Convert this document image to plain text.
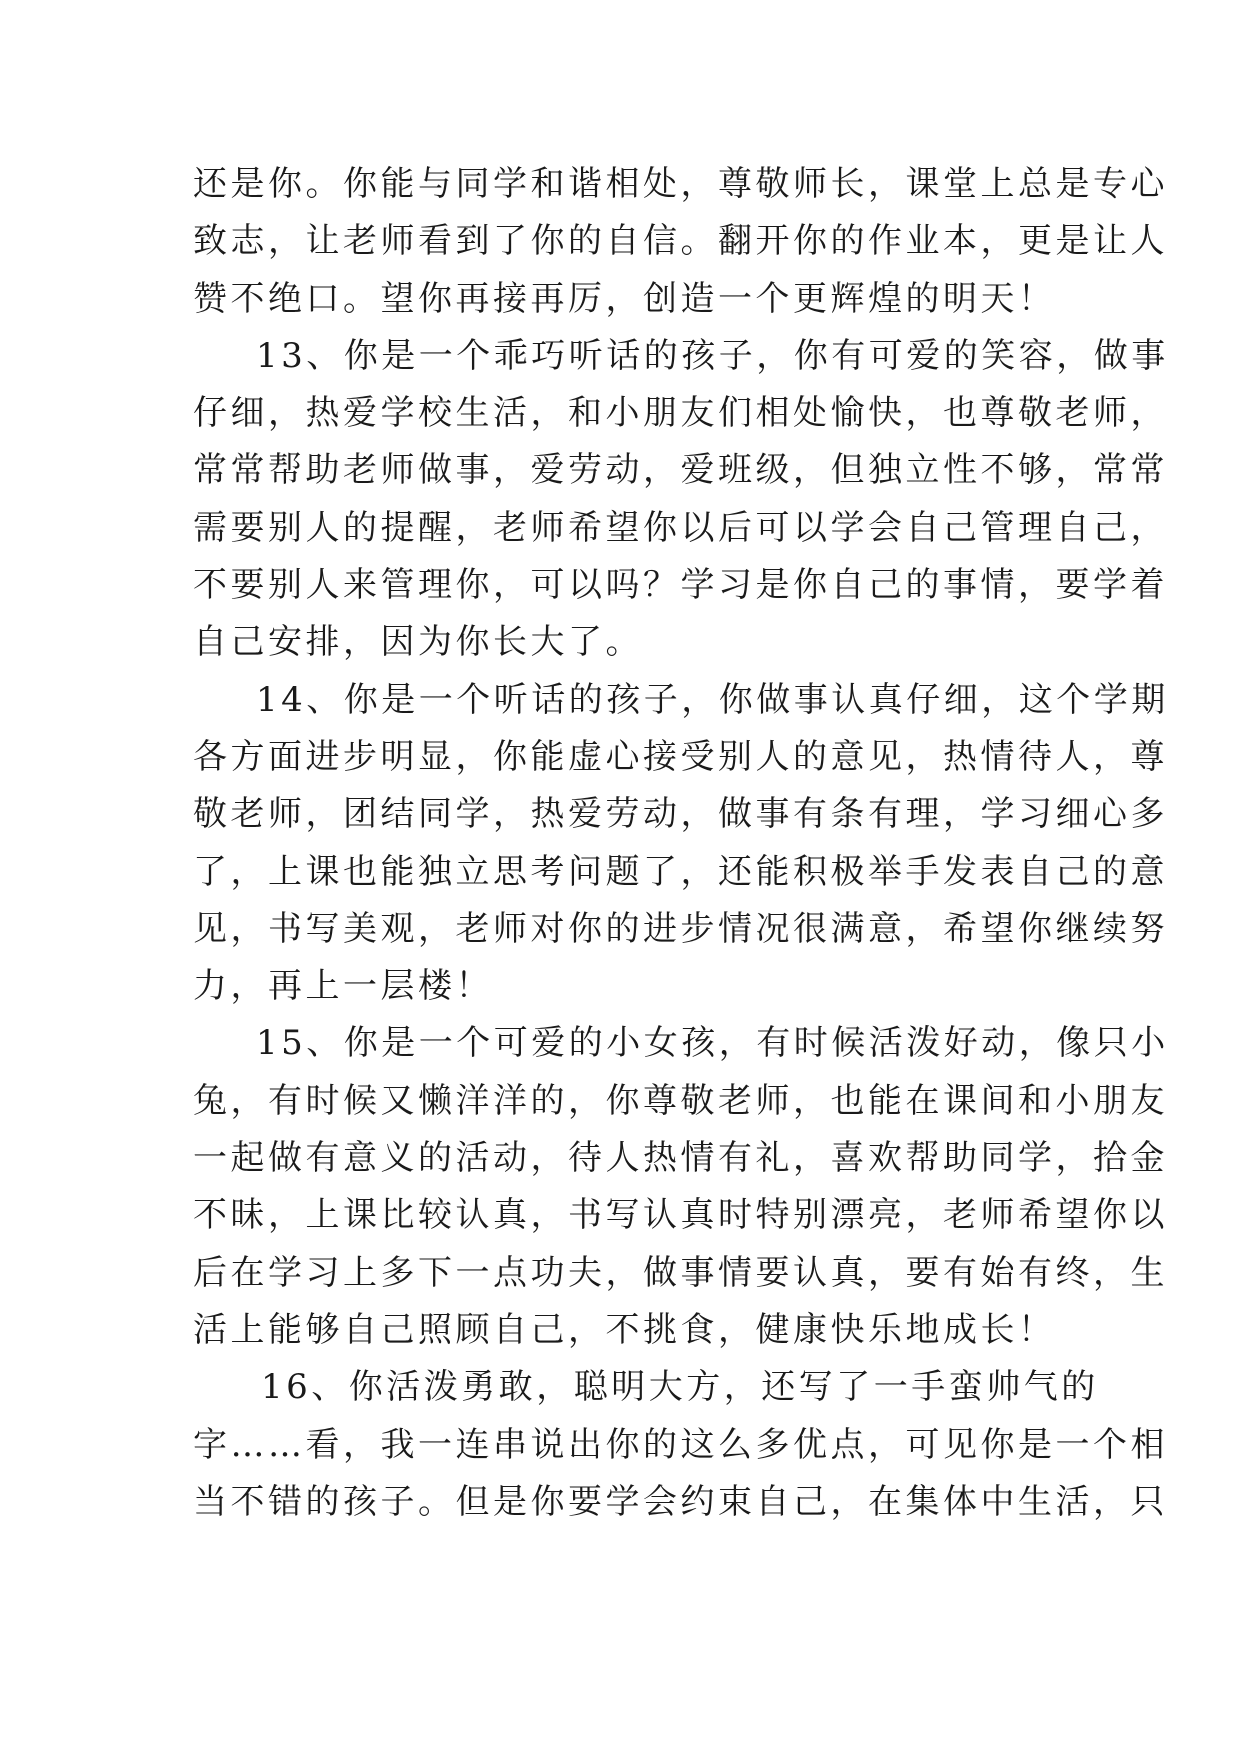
还是你。你能与同学和谐相处，尊敬师长，课堂上总是专心
致志，让老师看到了你的自信。翻开你的作业本，更是让人
赞不绝口。望你再接再厉，创造一个更辉煌的明天！
13、你是一个乖巧听话的孩子，你有可爱的笑容，做事
仔细，热爱学校生活，和小朋友们相处愉快，也尊敬老师，
常常帮助老师做事，爱劳动，爱班级，但独立性不够，常常
需要别人的提醒，老师希望你以后可以学会自己管理自己，
不要别人来管理你，可以吗？学习是你自己的事情，要学着
自己安排，因为你长大了。
14、你是一个听话的孩子，你做事认真仔细，这个学期
各方面进步明显，你能虚心接受别人的意见，热情待人，尊
敬老师，团结同学，热爱劳动，做事有条有理，学习细心多
了，上课也能独立思考问题了，还能积极举手发表自己的意
见，书写美观，老师对你的进步情况很满意，希望你继续努
力，再上一层楼！
15、你是一个可爱的小女孩，有时候活泼好动，像只小
兔，有时候又懒洋洋的，你尊敬老师，也能在课间和小朋友
一起做有意义的活动，待人热情有礼，喜欢帮助同学，拾金
不昧，上课比较认真，书写认真时特别漂亮，老师希望你以
后在学习上多下一点功夫，做事情要认真，要有始有终，生
活上能够自己照顾自己，不挑食，健康快乐地成长！
16、你活泼勇敢，聪明大方，还写了一手蛮帅气的
字……看，我一连串说出你的这么多优点，可见你是一个相
当不错的孩子。但是你要学会约束自己，在集体中生活，只
